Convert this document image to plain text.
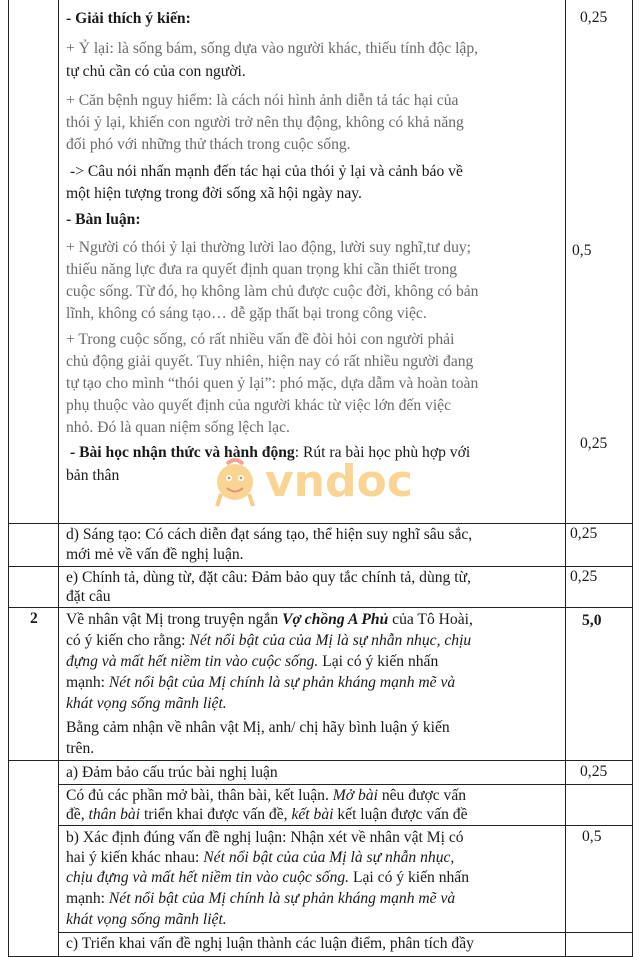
- Giải thích ý kiến:
+ Ỷ lại: là sống bám, sống dựa vào người khác, thiếu tính độc lập,
tự chủ cần có của con người.
+ Căn bệnh nguy hiểm: là cách nói hình ảnh diễn tả tác hại của
thói ỷ lại, khiến con người trở nên thụ động, không có khả năng
đối phó với những thử thách trong cuộc sống.
-> Câu nói nhấn mạnh đến tác hại của thói ỷ lại và cảnh báo về
một hiện tượng trong đời sống xã hội ngày nay.
- Bàn luận:
+ Người có thói ỷ lại thường lười lao động, lười suy nghĩ,tư duy;
thiếu năng lực đưa ra quyết định quan trọng khi cần thiết trong
cuộc sống. Từ đó, họ không làm chủ được cuộc đời, không có bản
lĩnh, không có sáng tạo… dễ gặp thất bại trong công việc.
+ Trong cuộc sống, có rất nhiều vấn đề đòi hỏi con người phải
chủ động giải quyết. Tuy nhiên, hiện nay có rất nhiều người đang
tự tạo cho mình “thói quen ỷ lại”: phó mặc, dựa dẫm và hoàn toàn
phụ thuộc vào quyết định của người khác từ việc lớn đến việc
nhỏ. Đó là quan niệm sống lệch lạc.
- Bài học nhận thức và hành động: Rút ra bài học phù hợp với
bản thân
0,25
0,5
0,25
vndoc
d) Sáng tạo: Có cách diễn đạt sáng tạo, thể hiện suy nghĩ sâu sắc,
mới mẻ về vấn đề nghị luận.
0,25
e) Chính tả, dùng từ, đặt câu: Đảm bảo quy tắc chính tả, dùng từ,
đặt câu
0,25
2 Về nhân vật Mị trong truyện ngắn Vợ chồng A Phủ của Tô Hoài,
có ý kiến cho rằng: Nét nổi bật của của Mị là sự nhẫn nhục, chịu
đựng và mất hết niềm tin vào cuộc sống. Lại có ý kiến nhấn
mạnh: Nét nổi bật của Mị chính là sự phản kháng mạnh mẽ và
khát vọng sống mãnh liệt.
Bằng cảm nhận về nhân vật Mị, anh/ chị hãy bình luận ý kiến
trên.
5,0
a) Đảm bảo cấu trúc bài nghị luận	0,25
Có đủ các phần mở bài, thân bài, kết luận. Mở bài nêu được vấn
đề, thân bài triển khai được vấn đề, kết bài kết luận được vấn đề
b) Xác định đúng vấn đề nghị luận: Nhận xét về nhân vật Mị có
hai ý kiến khác nhau: Nét nổi bật của của Mị là sự nhẫn nhục,
chịu đựng và mất hết niềm tin vào cuộc sống. Lại có ý kiến nhấn
mạnh: Nét nổi bật của Mị chính là sự phản kháng mạnh mẽ và
khát vọng sống mãnh liệt.
0,5
c) Triển khai vấn đề nghị luận thành các luận điểm, phân tích đầy
